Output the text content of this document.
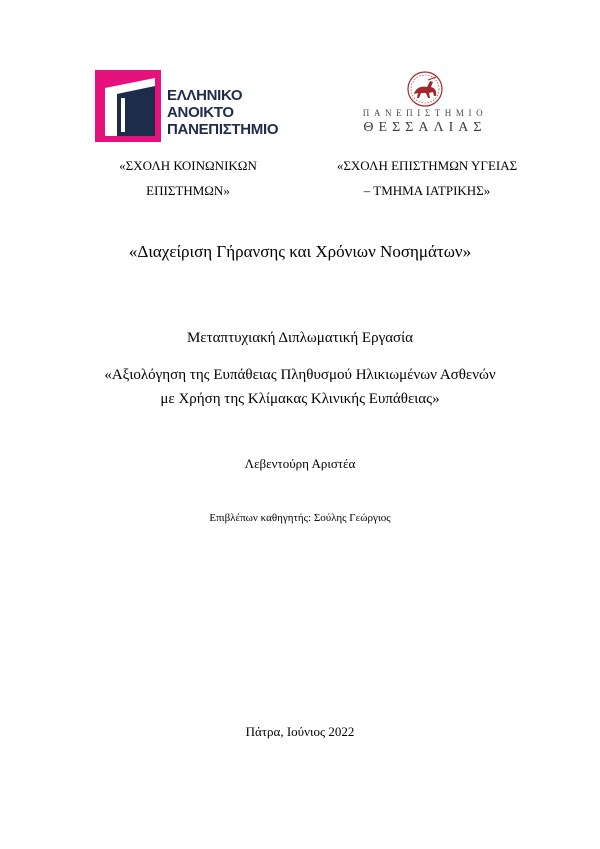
ΕΛΛΗΝΙΚΟ
ΑΝΟΙΚΤΟ
ΠΑΝΕΠΙΣΤΗΜΙΟ
ΠΑΝΕΠΙΣΤΗΜΙΟ
ΘΕΣΣΑΛΙΑΣ
«ΣΧΟΛΗ ΚΟΙΝΩΝΙΚΩΝ
ΕΠΙΣΤΗΜΩΝ»
«ΣΧΟΛΗ ΕΠΙΣΤΗΜΩΝ ΥΓΕΙΑΣ
– ΤΜΗΜΑ ΙΑΤΡΙΚΗΣ»
«Διαχείριση Γήρανσης και Χρόνιων Νοσημάτων»
Μεταπτυχιακή Διπλωματική Εργασία
«Αξιολόγηση της Ευπάθειας Πληθυσμού Ηλικιωμένων Ασθενών
με Χρήση της Κλίμακας Κλινικής Ευπάθειας»
Λεβεντούρη Αριστέα
Επιβλέπων καθηγητής: Σούλης Γεώργιος
Πάτρα, Ιούνιος 2022
